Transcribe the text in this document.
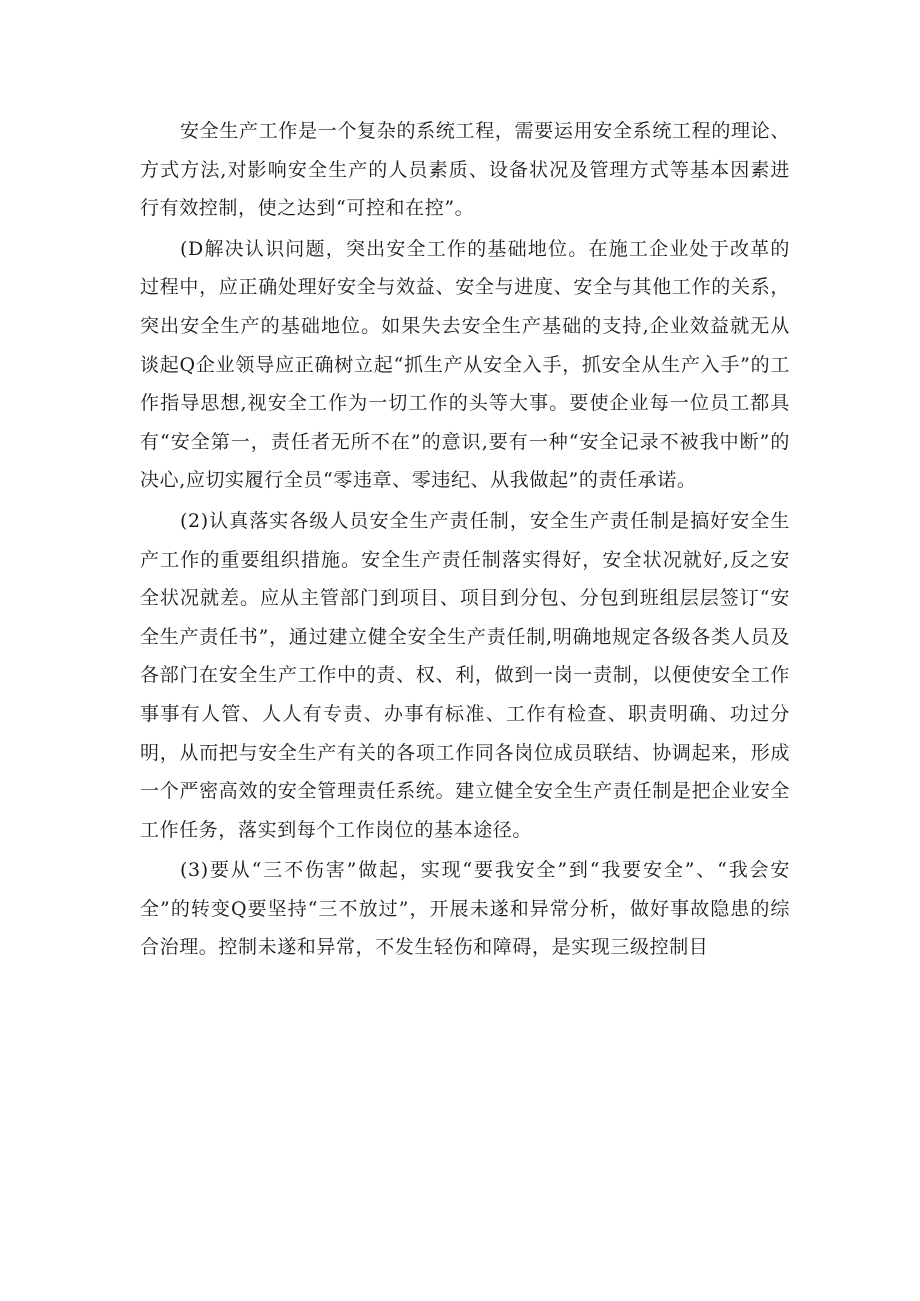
安全生产工作是一个复杂的系统工程，需要运用安全系统工程的理论、方式方法,对影响安全生产的人员素质、设备状况及管理方式等基本因素进行有效控制，使之达到“可控和在控”。

(D解决认识问题，突出安全工作的基础地位。在施工企业处于改革的过程中，应正确处理好安全与效益、安全与进度、安全与其他工作的关系，突出安全生产的基础地位。如果失去安全生产基础的支持,企业效益就无从谈起Q企业领导应正确树立起“抓生产从安全入手，抓安全从生产入手”的工作指导思想,视安全工作为一切工作的头等大事。要使企业每一位员工都具有“安全第一，责任者无所不在”的意识,要有一种“安全记录不被我中断”的决心,应切实履行全员“零违章、零违纪、从我做起”的责任承诺。

(2)认真落实各级人员安全生产责任制，安全生产责任制是搞好安全生产工作的重要组织措施。安全生产责任制落实得好，安全状况就好,反之安全状况就差。应从主管部门到项目、项目到分包、分包到班组层层签订“安全生产责任书”，通过建立健全安全生产责任制,明确地规定各级各类人员及各部门在安全生产工作中的责、权、利，做到一岗一责制，以便使安全工作事事有人管、人人有专责、办事有标准、工作有检查、职责明确、功过分明，从而把与安全生产有关的各项工作同各岗位成员联结、协调起来，形成一个严密高效的安全管理责任系统。建立健全安全生产责任制是把企业安全工作任务，落实到每个工作岗位的基本途径。

(3)要从“三不伤害”做起，实现“要我安全”到“我要安全”、“我会安全”的转变Q要坚持“三不放过”，开展未遂和异常分析，做好事故隐患的综合治理。控制未遂和异常，不发生轻伤和障碍，是实现三级控制目
